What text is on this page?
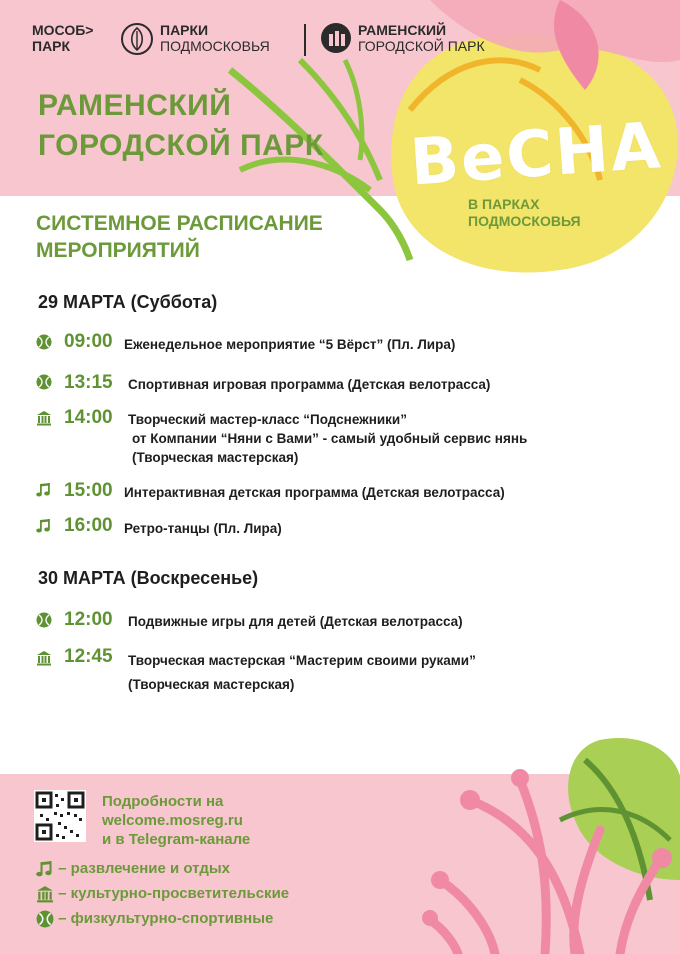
МОСОБ>
ПАРК
ПАРКИ
ПОДМОСКОВЬЯ
РАМЕНСКИЙ
ГОРОДСКОЙ ПАРК
РАМЕНСКИЙ
ГОРОДСКОЙ ПАРК	ВеСНА
В ПАРКАХ
ПОДМОСКОВЬЯ
СИСТЕМНОЕ РАСПИСАНИЕ
МЕРОПРИЯТИЙ
29 МАРТА (Суббота)
09:00 Еженедельное мероприятие “5 Вёрст” (Пл. Лира)
13:15 Спортивная игровая программа (Детская велотрасса)
14:00 Творческий мастер-класс “Подснежники”
от Компании “Няни с Вами” - самый удобный сервис нянь
(Творческая мастерская)
15:00 Интерактивная детская программа (Детская велотрасса)
16:00 Ретро-танцы (Пл. Лира)
30 МАРТА (Воскресенье)
12:00 Подвижные игры для детей (Детская велотрасса)
12:45 Творческая мастерская “Мастерим своими руками”
(Творческая мастерская)
Подробности на
welcome.mosreg.ru
и в Telegram-канале
– развлечение и отдых
– культурно-просветительские
– физкультурно-спортивные
